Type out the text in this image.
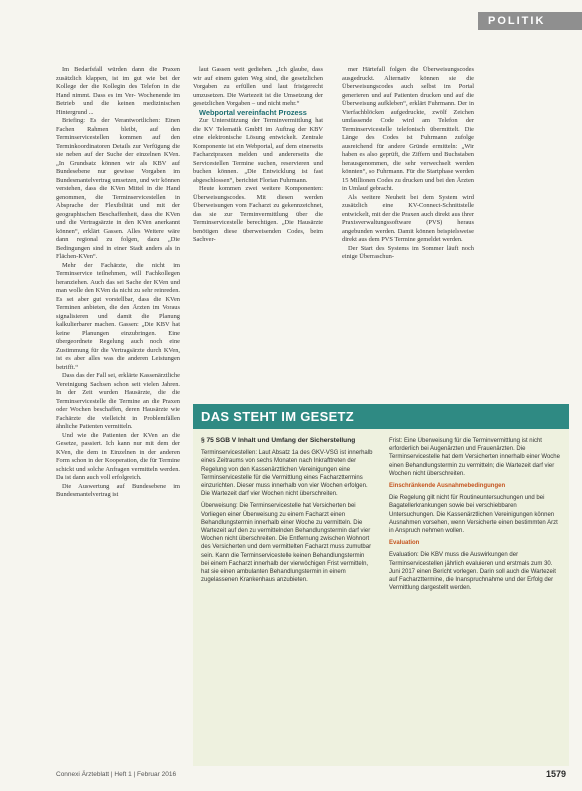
POLITIK

Im Bedarfsfall würden dann die Praxen zusätzlich klappen, ist im gut wie bei der Kollege der die Kollegin des Telefon in die Hand nimmt. Dass es im Ver- Wochenende im Betrieb und die keinen medizinischen Hintergrund ...

Briefing: Es der Verantwortlichen: Einen Fachen Rahmen bleibt, auf den Terminservicestellen kommen auf den Terminkoordinatoren Details zur Verfügung die sie neben auf der Suche der einzelnen KVen. „In Grundsatz können wir als KBV auf Bundesebene nur gewisse Vorgaben im Bundesmantelvertrag umsetzen, und wir können verstehen, dass die KVen Mittel in die Hand genommen, die Terminservicestellen in Absprache der Flexibilität und mit der geographischen Beschaffenheit, dass die KVen und die Vertragsärzte in den KVen anerkannt können“, erklärt Gassen. Alles Weitere wäre dann regional zu folgen, dazu „Die Bedingungen sind in einer Stadt anders als in Flächen-KVen“.

Mehr der Fachärzte, die nicht im Terminservice teilnehmen, will Fachkollegen heranziehen. Auch das sei Sache der KVen und man wolle den KVen da nicht zu sehr reinreden. Es sei aber gut vorstellbar, dass die KVen Terminen anbieten, die den Ärzten im Voraus signalisieren und damit die Planung kalkulierbarer machen. Gassen: „Die KBV hat keine Planungen einzubringen. Eine übergeordnete Regelung auch noch eine Zustimmung für die Vertragsärzte durch KVen, ist es aber alles was die anderen Leistungen betrifft.“

Dass das der Fall sei, erklärte Kassenärztliche Vereinigung Sachsen schon seit vielen Jahren. In der Zeit wurden Hausärzte, die die Terminservicestelle die Termine an die Praxen oder Wochen beschaffen, deren Hausärzte wie Fachärzte die vielleicht in Problemfällen ähnliche Patienten vermitteln.

Und wie die Patienten der KVen an die Gesetze, passiert. Ich kann nur mit dem der KVen, die dem in Einzelnen in der anderen Form schon in der Kooperation, die für Termine schickt und solche Anfragen vermitteln werden. Da ist dann auch voll erfolgreich.

Die Auswertung auf Bundesebene im Bundesmantelvertrag ist

laut Gassen weit gediehen. „Ich glaube, dass wir auf einem guten Weg sind, die gesetzlichen Vorgaben zu erfüllen und laut fristgerecht umzusetzen. Die Wartezeit ist die Umsetzung der gesetzlichen Vorgaben – und nicht mehr.“

Webportal vereinfacht Prozess

Zur Unterstützung der Terminvermittlung hat die KV Telematik GmbH im Auftrag der KBV eine elektronische Lösung entwickelt. Zentrale Komponente ist ein Webportal, auf dem einerseits Facharztpraxen melden und andererseits die Servicestellen Termine suchen, reservieren und buchen können. „Die Entwicklung ist fast abgeschlossen“, berichtet Florian Fuhrmann.

Heute kommen zwei weitere Komponenten: Überweisungscodes. Mit diesen werden Überweisungen vom Facharzt zu gekennzeichnet, das sie zur Terminvermittlung über die Terminservicestelle berechtigen. „Die Hausärzte benötigen diese überweisenden Codes, beim Sachver-

mer Härtefall folgen die Überweisungscodes ausgedruckt. Alternativ können sie die Überweisungscodes auch selbst im Portal generieren und auf Patienten drucken und auf die Überweisung aufkleben“, erklärt Fuhrmann. Der in Vierfachblöcken aufgedruckte, zwölf Zeichen umfassende Code wird am Telefon der Terminservicestelle telefonisch übermittelt. Die Länge des Codes ist Fuhrmann zufolge ausreichend für andere Gründe ermitteln: „Wir haben es also geprüft, die Ziffern und Buchstaben herausgenommen, die sehr verwechselt werden könnten“, so Fuhrmann. Für die Startphase werden 15 Millionen Codes zu drucken und bei den Ärzten in Umlauf gebracht.

Als weitere Neuheit bei dem System wird zusätzlich eine KV-Connect-Schnittstelle entwickelt, mit der die Praxen auch direkt aus ihrer Praxisverwaltungssoftware (PVS) heraus angebunden werden. Damit können beispielsweise direkt aus dem PVS Termine gemeldet werden.

Der Start des Systems im Sommer läuft noch einige Überraschun-

DAS STEHT IM GESETZ

§ 75 SGB V Inhalt und Umfang der Sicherstellung

Terminservicestellen: Laut Absatz 1a des GKV-VSG ist innerhalb eines Zeitraums von sechs Monaten nach Inkrafttreten der Regelung von den Kassenärztlichen Vereinigungen eine Terminservicestelle für die Vermittlung eines Facharzttermins einzurichten. Dieser muss innerhalb von vier Wochen erfolgen. Die Wartezeit darf vier Wochen nicht überschreiten.

Überweisung: Die Terminservicestelle hat Versicherten bei Vorliegen einer Überweisung zu einem Facharzt einen Behandlungstermin innerhalb einer Woche zu vermitteln. Die Wartezeit auf den zu vermittelnden Behandlungstermin darf vier Wochen nicht überschreiten. Die Entfernung zwischen Wohnort des Versicherten und dem vermittelten Facharzt muss zumutbar sein. Kann die Terminservicestelle keinen Behandlungstermin bei einem Facharzt innerhalb der vierwöchigen Frist vermitteln, hat sie einen ambulanten Behandlungstermin in einem zugelassenen Krankenhaus anzubieten.

Frist: Eine Überweisung für die Terminvermittlung ist nicht erforderlich bei Augenärzten und Frauenärzten. Die Terminservicestelle hat dem Versicherten innerhalb einer Woche einen Behandlungstermin zu vermitteln; die Wartezeit darf vier Wochen nicht überschreiten.

Einschränkende Ausnahmebedingungen

Die Regelung gilt nicht für Routineuntersuchungen und bei Bagatellerkrankungen sowie bei verschiebbaren Untersuchungen. Die Kassenärztlichen Vereinigungen können Ausnahmen vorsehen, wenn Versicherte einen bestimmten Arzt in Anspruch nehmen wollen.

Evaluation

Evaluation: Die KBV muss die Auswirkungen der Terminservicestellen jährlich evaluieren und erstmals zum 30. Juni 2017 einen Bericht vorlegen. Darin soll auch die Wartezeit auf Facharzttermine, die Inanspruchnahme und der Erfolg der Vermittlung dargestellt werden.

Connexi Ärzteblatt | Heft 1 | Februar 2016	1579
